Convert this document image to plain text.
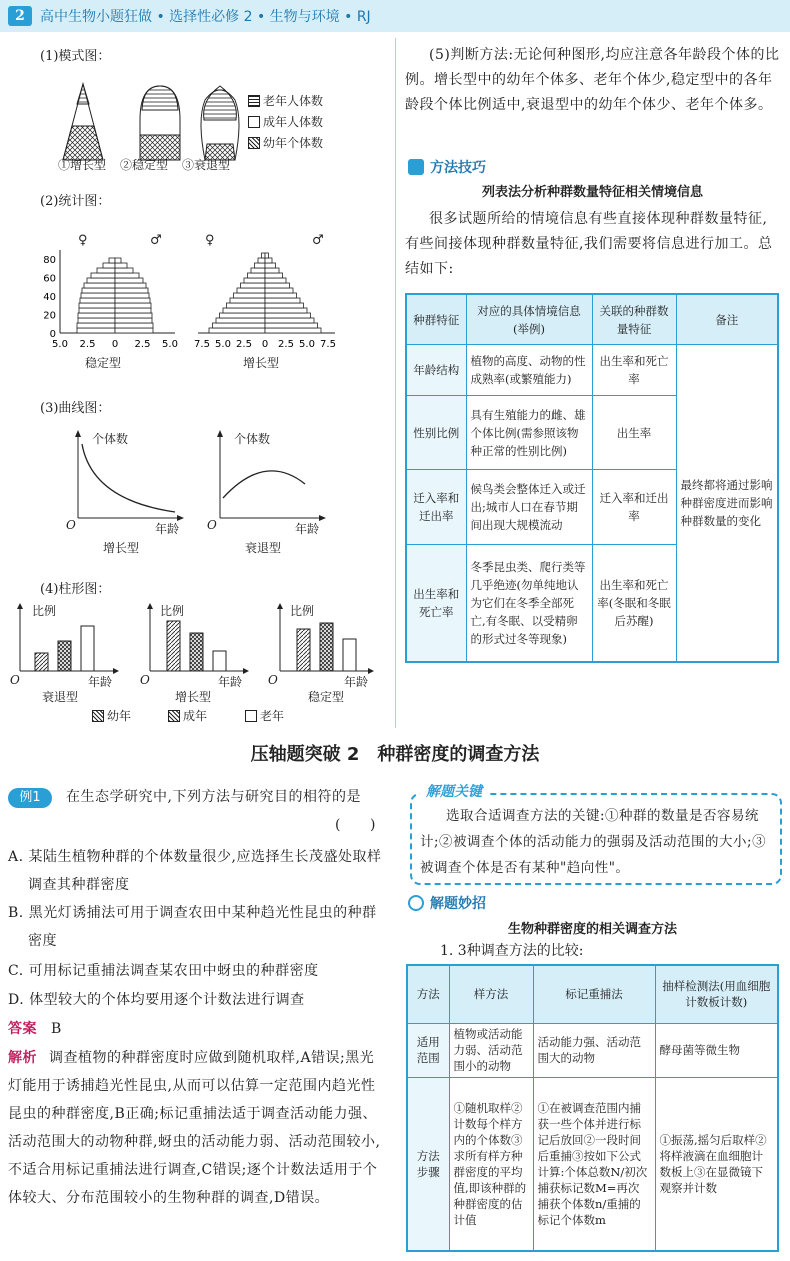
2	高中生物小题狂做 • 选择性必修 2 • 生物与环境 • RJ
(1)模式图：
①增长型 ②稳定型 ③衰退型
老年人体数
成年人体数
幼年个体数
(2)统计图：
♀	♂	♀	♂
80
60
40
20
0
5.0 2.5 0 2.5 5.0 7.5 5.0 2.5 0 2.5 5.0 7.5
稳定型	增长型
(3)曲线图：
个体数	个体数
O	O
年龄	年龄
增长型	衰退型
(4)柱形图：
比例	比例	比例
O	O	O
年龄	年龄	年龄
衰退型	增长型	稳定型
幼年	成年	老年
(5)判断方法:无论何种图形,均应注意各年龄段个体的比例。增长型中的幼年个体多、老年个体少,稳定型中的各年龄段个体比例适中,衰退型中的幼年个体少、老年个体多。
方法技巧
列表法分析种群数量特征相关情境信息
很多试题所给的情境信息有些直接体现种群数量特征,有些间接体现种群数量特征,我们需要将信息进行加工。总结如下:
种群特征	对应的具体情境信息(举例)	关联的种群数量特征	备注
年龄结构	植物的高度、动物的性成熟率(或繁殖能力)	出生率和死亡率	最终都将通过影响种群密度进而影响种群数量的变化
性别比例	具有生殖能力的雌、雄个体比例(需参照该物种正常的性别比例)	出生率	
迁入率和迁出率	候鸟类会整体迁入或迁出;城市人口在春节期间出现大规模流动	迁入率和迁出率	
出生率和死亡率	冬季昆虫类、爬行类等几乎绝迹(勿单纯地认为它们在冬季全部死亡,有冬眠、以受精卵的形式过冬等现象)	出生率和死亡率(冬眠和冬眠后苏醒)	
压轴题突破 2　种群密度的调查方法
例1	在生态学研究中,下列方法与研究目的相符的是
(　　)
A. 某陆生植物种群的个体数量很少,应选择生长茂盛处取样调查其种群密度
B. 黑光灯诱捕法可用于调查农田中某种趋光性昆虫的种群密度
C. 可用标记重捕法调查某农田中蚜虫的种群密度
D. 体型较大的个体均要用逐个计数法进行调查
答案 B
解析 调查植物的种群密度时应做到随机取样,A错误;黑光灯能用于诱捕趋光性昆虫,从而可以估算一定范围内趋光性昆虫的种群密度,B正确;标记重捕法适于调查活动能力强、活动范围大的动物种群,蚜虫的活动能力弱、活动范围较小,不适合用标记重捕法进行调查,C错误;逐个计数法适用于个体较大、分布范围较小的生物种群的调查,D错误。
解题关键
选取合适调查方法的关键:①种群的数量是否容易统计;②被调查个体的活动能力的强弱及活动范围的大小;③被调查个体是否有某种"趋向性"。
解题妙招
生物种群密度的相关调查方法
1. 3种调查方法的比较:
方法	样方法	标记重捕法	抽样检测法(用血细胞计数板计数)
适用范围	植物或活动能力弱、活动范围小的动物	活动能力强、活动范围大的动物	酵母菌等微生物
方法步骤	①随机取样②计数每个样方内的个体数③求所有样方种群密度的平均值,即该种群的种群密度的估计值	①在被调查范围内捕获一些个体并进行标记后放回②一段时间后重捕③按如下公式计算:个体总数N/初次捕获标记数M=再次捕获个体数n/重捕的标记个体数m	①振荡,摇匀后取样②将样液滴在血细胞计数板上③在显微镜下观察并计数
